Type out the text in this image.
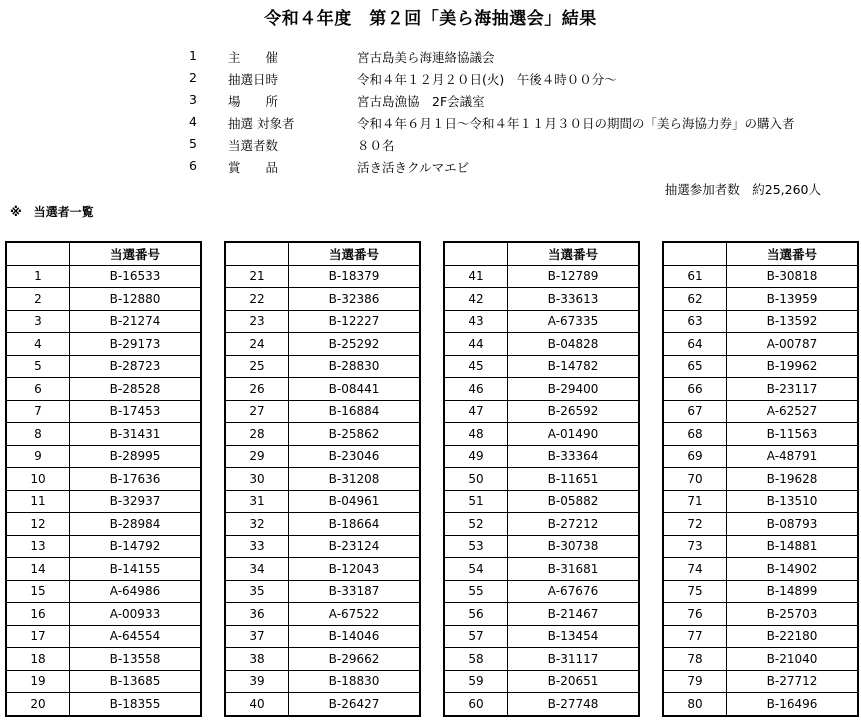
令和４年度　第２回「美ら海抽選会」結果
1 主　　催	宮古島美ら海連絡協議会
2 抽選日時	令和４年１２月２０日(火)　午後４時００分～
3 場　　所	宮古島漁協　2F会議室
4 抽選 対象者	令和４年６月１日～令和４年１１月３０日の期間の「美ら海協力券」の購入者
5 当選者数	８０名
6 賞　　品	活き活きクルマエビ
抽選参加者数　約25,260人
※　当選者一覧
	当選番号
1	B-16533
2	B-12880
3	B-21274
4	B-29173
5	B-28723
6	B-28528
7	B-17453
8	B-31431
9	B-28995
10	B-17636
11	B-32937
12	B-28984
13	B-14792
14	B-14155
15	A-64986
16	A-00933
17	A-64554
18	B-13558
19	B-13685
20	B-18355
	当選番号
21	B-18379
22	B-32386
23	B-12227
24	B-25292
25	B-28830
26	B-08441
27	B-16884
28	B-25862
29	B-23046
30	B-31208
31	B-04961
32	B-18664
33	B-23124
34	B-12043
35	B-33187
36	A-67522
37	B-14046
38	B-29662
39	B-18830
40	B-26427
	当選番号
41	B-12789
42	B-33613
43	A-67335
44	B-04828
45	B-14782
46	B-29400
47	B-26592
48	A-01490
49	B-33364
50	B-11651
51	B-05882
52	B-27212
53	B-30738
54	B-31681
55	A-67676
56	B-21467
57	B-13454
58	B-31117
59	B-20651
60	B-27748
	当選番号
61	B-30818
62	B-13959
63	B-13592
64	A-00787
65	B-19962
66	B-23117
67	A-62527
68	B-11563
69	A-48791
70	B-19628
71	B-13510
72	B-08793
73	B-14881
74	B-14902
75	B-14899
76	B-25703
77	B-22180
78	B-21040
79	B-27712
80	B-16496
